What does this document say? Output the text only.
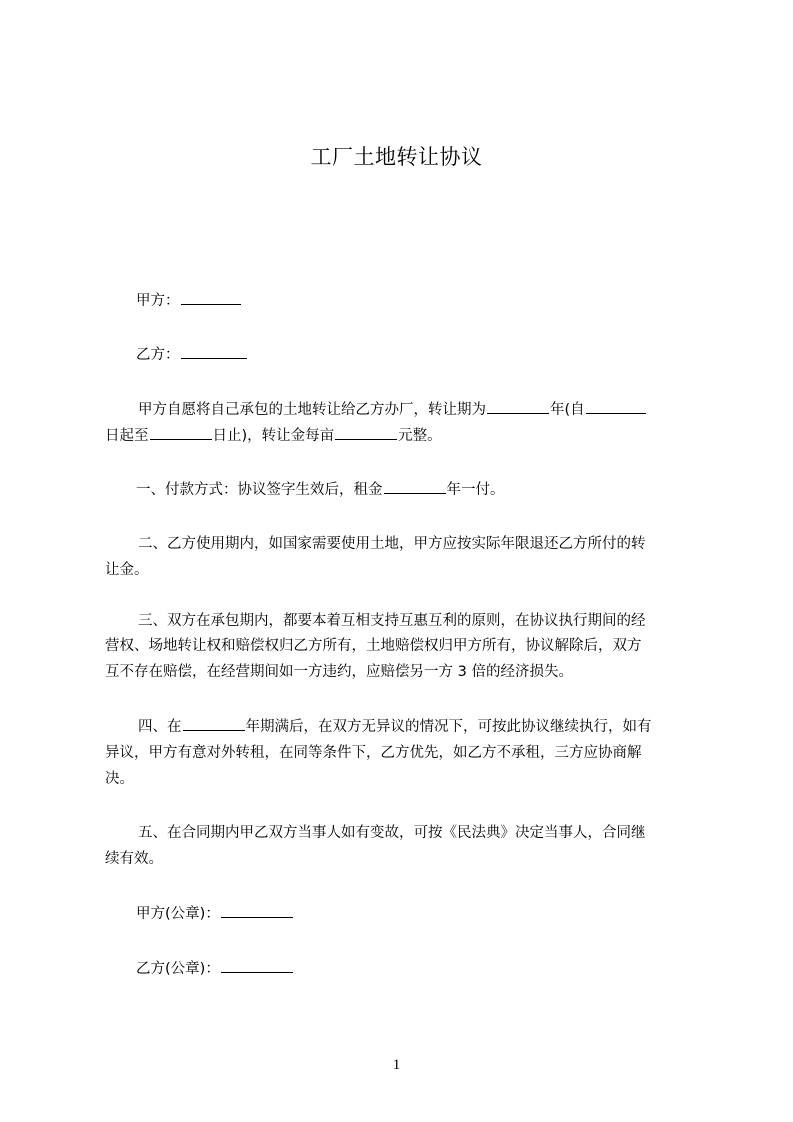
工厂土地转让协议
甲方：
乙方：
甲方自愿将自己承包的土地转让给乙方办厂，转让期为	年(自
日起至	日止)，转让金每亩	元整。
一、付款方式：协议签字生效后，租金	年一付。
二、乙方使用期内，如国家需要使用土地，甲方应按实际年限退还乙方所付的转
让金。
三、双方在承包期内，都要本着互相支持互惠互利的原则，在协议执行期间的经
营权、场地转让权和赔偿权归乙方所有，土地赔偿权归甲方所有，协议解除后，双方
互不存在赔偿，在经营期间如一方违约，应赔偿另一方 3 倍的经济损失。
四、在	年期满后，在双方无异议的情况下，可按此协议继续执行，如有
异议，甲方有意对外转租，在同等条件下，乙方优先，如乙方不承租，三方应协商解
决。
五、在合同期内甲乙双方当事人如有变故，可按《民法典》决定当事人，合同继
续有效。
甲方(公章)：
乙方(公章)：
1
